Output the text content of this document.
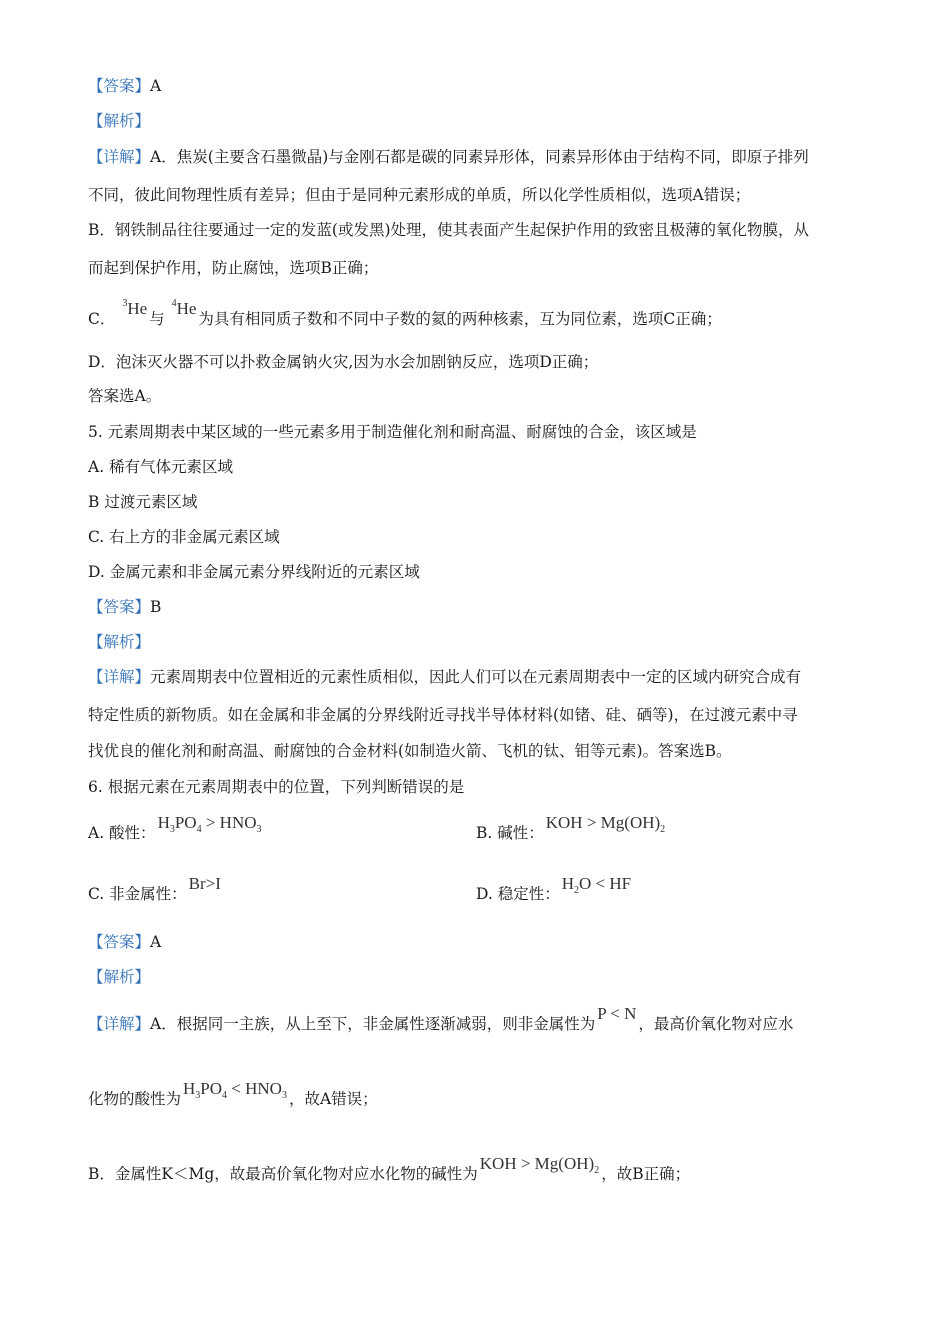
【答案】A
【解析】
【详解】A．焦炭(主要含石墨微晶)与金刚石都是碳的同素异形体，同素异形体由于结构不同，即原子排列
不同，彼此间物理性质有差异；但由于是同种元素形成的单质，所以化学性质相似，选项A错误；
B．钢铁制品往往要通过一定的发蓝(或发黑)处理，使其表面产生起保护作用的致密且极薄的氧化物膜，从
而起到保护作用，防止腐蚀，选项B正确；
C． $^3$He与 $^4$He为具有相同质子数和不同中子数的氦的两种核素，互为同位素，选项C正确；
D．泡沫灭火器不可以扑救金属钠火灾,因为水会加剧钠反应，选项D正确；
答案选A。
5. 元素周期表中某区域的一些元素多用于制造催化剂和耐高温、耐腐蚀的合金，该区域是
A. 稀有气体元素区域
B 过渡元素区域
C. 右上方的非金属元素区域
D. 金属元素和非金属元素分界线附近的元素区域
【答案】B
【解析】
【详解】元素周期表中位置相近的元素性质相似，因此人们可以在元素周期表中一定的区域内研究合成有
特定性质的新物质。如在金属和非金属的分界线附近寻找半导体材料(如锗、硅、硒等)，在过渡元素中寻
找优良的催化剂和耐高温、耐腐蚀的合金材料(如制造火箭、飞机的钛、钼等元素)。答案选B。
6. 根据元素在元素周期表中的位置，下列判断错误的是
A. 酸性：$H_3PO_4 > HNO_3$	B. 碱性：KOH > $Mg(OH)_2$
C. 非金属性：Br>I
D. 稳定性：$H_2O$ < HF
【答案】A
【解析】
【详解】A．根据同一主族，从上至下，非金属性逐渐减弱，则非金属性为P < N，最高价氧化物对应水
化物的酸性为$H_3PO_4 < HNO_3$ ，故A错误；
B．金属性K＜Mg，故最高价氧化物对应水化物的碱性为KOH > $Mg(OH)_2$ ，故B正确；
